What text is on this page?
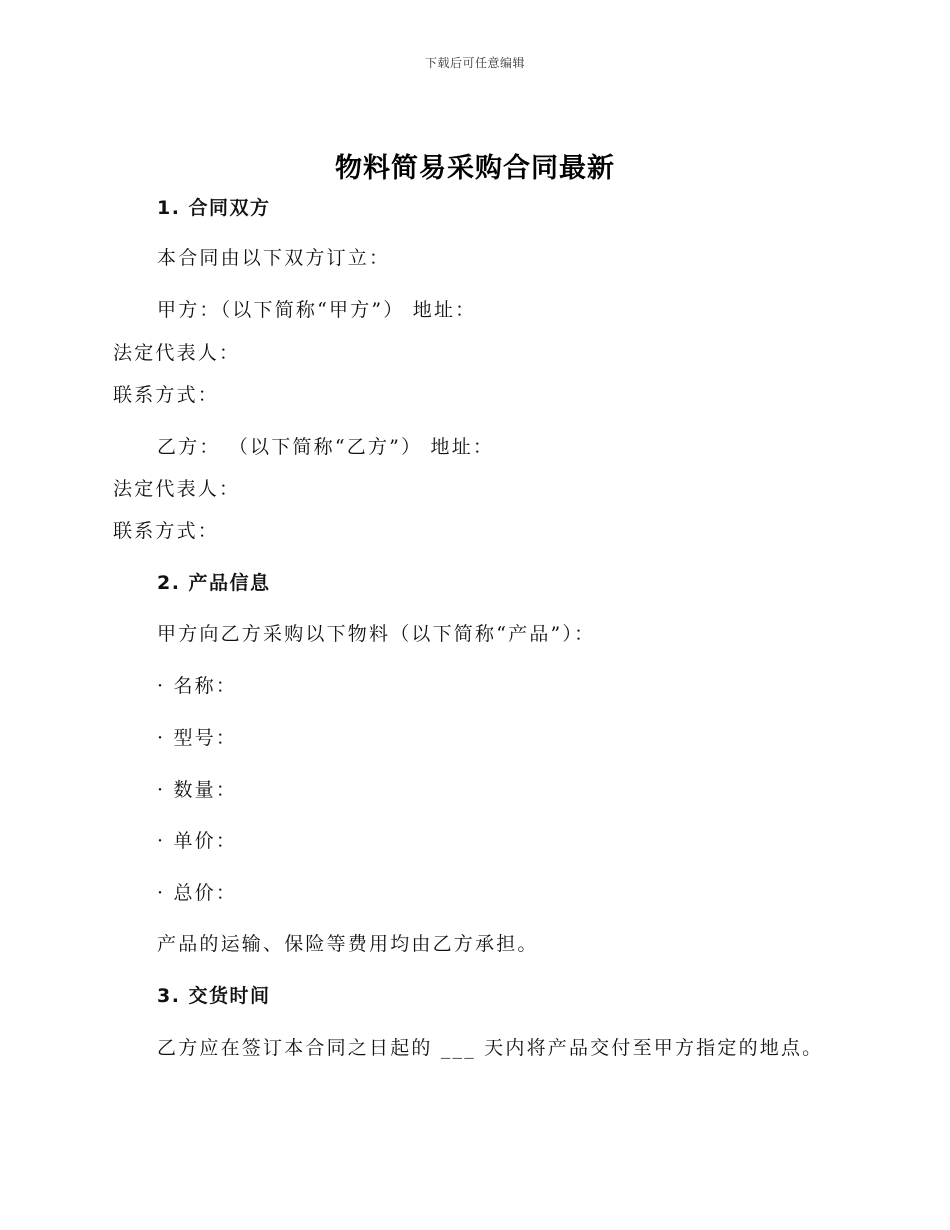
下载后可任意编辑
物料简易采购合同最新
1. 合同双方
本合同由以下双方订立：
甲方：（以下简称“甲方”） 地址：
法定代表人：
联系方式：
乙方： （以下简称“乙方”） 地址：
法定代表人：
联系方式：
2. 产品信息
甲方向乙方采购以下物料（以下简称“产品”）：
· 名称：
· 型号：
· 数量：
· 单价：
· 总价：
产品的运输、保险等费用均由乙方承担。
3. 交货时间
乙方应在签订本合同之日起的 ___ 天内将产品交付至甲方指定的地点。
